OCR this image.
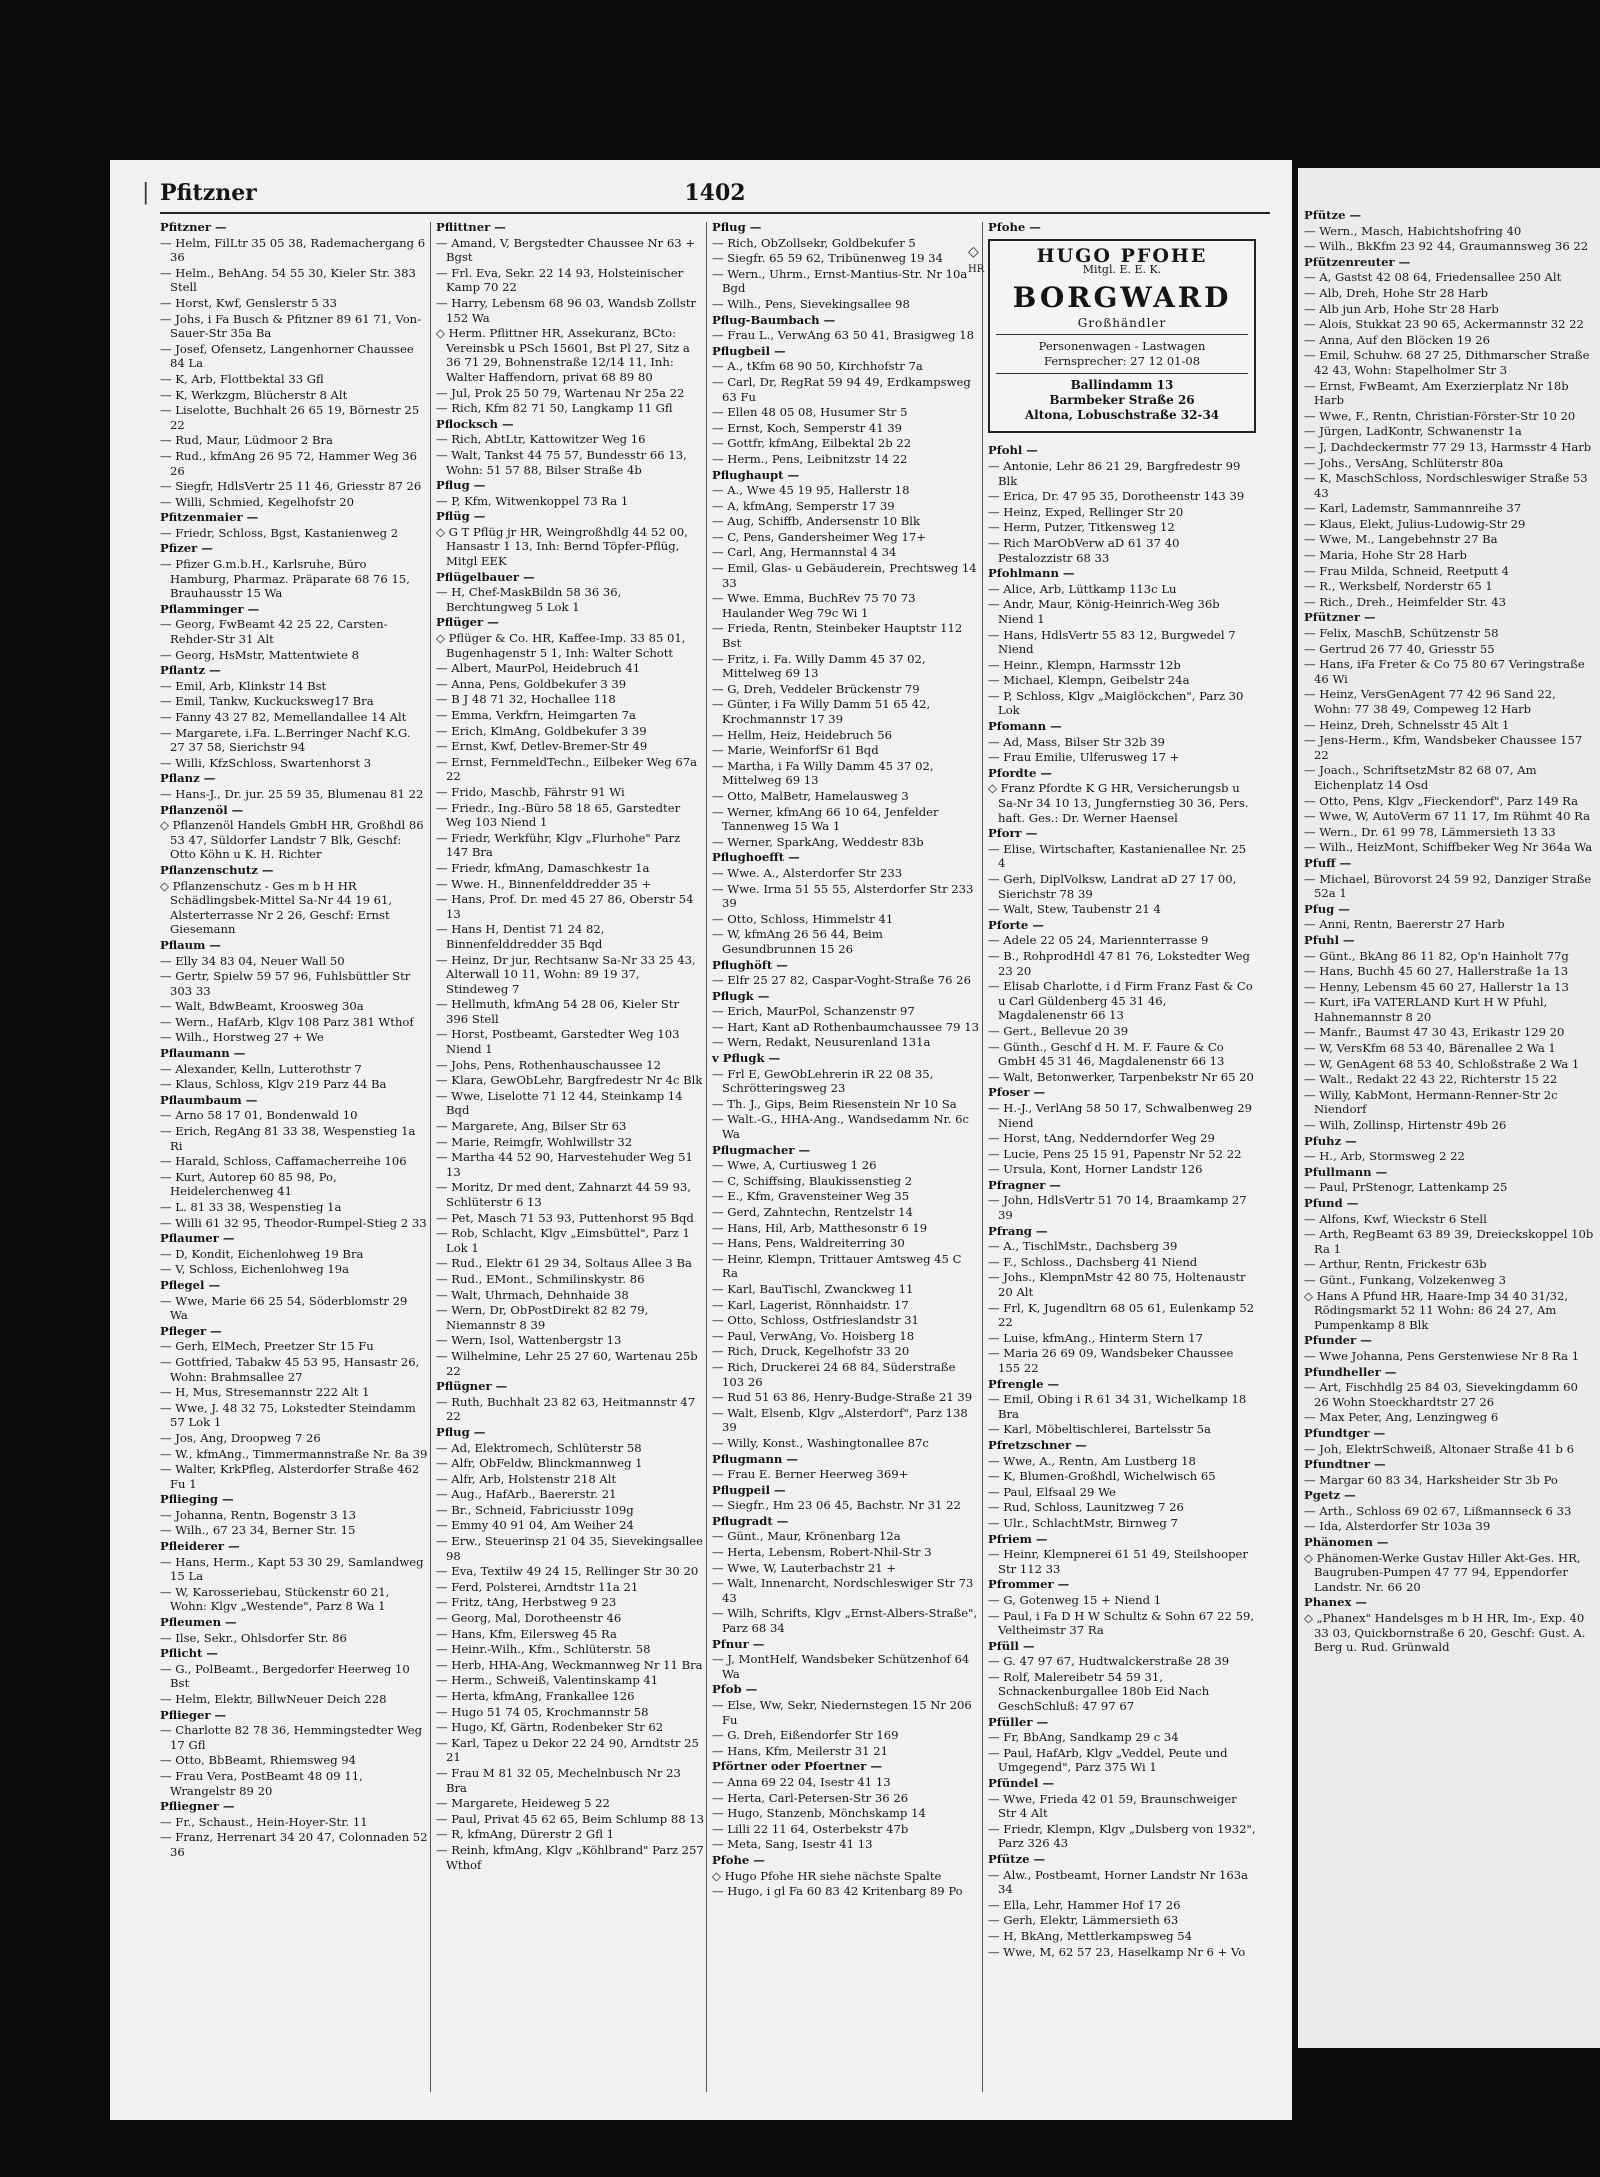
| Pfitzner	1402
Pfitzner —
— Helm, FilLtr 35 05 38, Rademachergang 6 36
— Helm., BehAng. 54 55 30, Kieler Str. 383 Stell
— Horst, Kwf, Genslerstr 5 33
— Johs, i Fa Busch & Pfitzner 89 61 71, Von-Sauer-Str 35a Ba
— Josef, Ofensetz, Langenhorner Chaussee 84 La
— K, Arb, Flottbektal 33 Gfl
— K, Werkzgm, Blücherstr 8 Alt
— Liselotte, Buchhalt 26 65 19, Börnestr 25 22
— Rud, Maur, Lüdmoor 2 Bra
— Rud., kfmAng 26 95 72, Hammer Weg 36 26
— Siegfr, HdlsVertr 25 11 46, Griesstr 87 26
— Willi, Schmied, Kegelhofstr 20
Pfitzenmaier —
— Friedr, Schloss, Bgst, Kastanienweg 2
Pfizer —
— Pfizer G.m.b.H., Karlsruhe, Büro Hamburg, Pharmaz. Präparate 68 76 15, Brauhausstr 15 Wa
Pflamminger —
— Georg, FwBeamt 42 25 22, Carsten-Rehder-Str 31 Alt
— Georg, HsMstr, Mattentwiete 8
Pflantz —
— Emil, Arb, Klinkstr 14 Bst
— Emil, Tankw, Kuckucksweg17 Bra
— Fanny 43 27 82, Memellandallee 14 Alt
— Margarete, i.Fa. L.Berringer Nachf K.G. 27 37 58, Sierichstr 94
— Willi, KfzSchloss, Swartenhorst 3
Pflanz —
— Hans-J., Dr. jur. 25 59 35, Blumenau 81 22
Pflanzenöl —
◇ Pflanzenöl Handels GmbH HR, Großhdl 86 53 47, Süldorfer Landstr 7 Blk, Geschf: Otto Köhn u K. H. Richter
Pflanzenschutz —
◇ Pflanzenschutz - Ges m b H HR Schädlingsbek-Mittel Sa-Nr 44 19 61, Alsterterrasse Nr 2 26, Geschf: Ernst Giesemann
Pflaum —
— Elly 34 83 04, Neuer Wall 50
— Gertr, Spielw 59 57 96, Fuhlsbüttler Str 303 33
— Walt, BdwBeamt, Kroosweg 30a
— Wern., HafArb, Klgv 108 Parz 381 Wthof
— Wilh., Horstweg 27 + We
Pflaumann —
— Alexander, Kelln, Lutterothstr 7
— Klaus, Schloss, Klgv 219 Parz 44 Ba
Pflaumbaum —
— Arno 58 17 01, Bondenwald 10
— Erich, RegAng 81 33 38, Wespenstieg 1a Ri
— Harald, Schloss, Caffamacherreihe 106
— Kurt, Autorep 60 85 98, Po, Heidelerchenweg 41
— L. 81 33 38, Wespenstieg 1a
— Willi 61 32 95, Theodor-Rumpel-Stieg 2 33
Pflaumer —
— D, Kondit, Eichenlohweg 19 Bra
— V, Schloss, Eichenlohweg 19a
Pflegel —
— Wwe, Marie 66 25 54, Söderblomstr 29 Wa
Pfleger —
— Gerh, ElMech, Preetzer Str 15 Fu
— Gottfried, Tabakw 45 53 95, Hansastr 26, Wohn: Brahmsallee 27
— H, Mus, Stresemannstr 222 Alt 1
— Wwe, J. 48 32 75, Lokstedter Steindamm 57 Lok 1
— Jos, Ang, Droopweg 7 26
— W., kfmAng., Timmermannstraße Nr. 8a 39
— Walter, KrkPfleg, Alsterdorfer Straße 462 Fu 1
Pflieging —
— Johanna, Rentn, Bogenstr 3 13
— Wilh., 67 23 34, Berner Str. 15
Pfleiderer —
— Hans, Herm., Kapt 53 30 29, Samlandweg 15 La
— W, Karosseriebau, Stückenstr 60 21, Wohn: Klgv „Westende", Parz 8 Wa 1
Pfleumen —
— Ilse, Sekr., Ohlsdorfer Str. 86
Pflicht —
— G., PolBeamt., Bergedorfer Heerweg 10 Bst
— Helm, Elektr, BillwNeuer Deich 228
Pflieger —
— Charlotte 82 78 36, Hemmingstedter Weg 17 Gfl
— Otto, BbBeamt, Rhiemsweg 94
— Frau Vera, PostBeamt 48 09 11, Wrangelstr 89 20
Pfliegner —
— Fr., Schaust., Hein-Hoyer-Str. 11
— Franz, Herrenart 34 20 47, Colonnaden 52 36
Pflittner —
— Amand, V, Bergstedter Chaussee Nr 63 + Bgst
— Frl. Eva, Sekr. 22 14 93, Holsteinischer Kamp 70 22
— Harry, Lebensm 68 96 03, Wandsb Zollstr 152 Wa
◇ Herm. Pflittner HR, Assekuranz, BCto: Vereinsbk u PSch 15601, Bst Pl 27, Sitz a 36 71 29, Bohnenstraße 12/14 11, Inh: Walter Haffendorn, privat 68 89 80
— Jul, Prok 25 50 79, Wartenau Nr 25a 22
— Rich, Kfm 82 71 50, Langkamp 11 Gfl
Pflocksch —
— Rich, AbtLtr, Kattowitzer Weg 16
— Walt, Tankst 44 75 57, Bundesstr 66 13, Wohn: 51 57 88, Bilser Straße 4b
Pflug —
— P, Kfm, Witwenkoppel 73 Ra 1
Pflüg —
◇ G T Pflüg jr HR, Weingroßhdlg 44 52 00, Hansastr 1 13, Inh: Bernd Töpfer-Pflüg, Mitgl EEK
Pflügelbauer —
— H, Chef-MaskBildn 58 36 36, Berchtungweg 5 Lok 1
Pflüger —
◇ Pflüger & Co. HR, Kaffee-Imp. 33 85 01, Bugenhagenstr 5 1, Inh: Walter Schott
— Albert, MaurPol, Heidebruch 41
— Anna, Pens, Goldbekufer 3 39
— B J 48 71 32, Hochallee 118
— Emma, Verkfrn, Heimgarten 7a
— Erich, KlmAng, Goldbekufer 3 39
— Ernst, Kwf, Detlev-Bremer-Str 49
— Ernst, FernmeldTechn., Eilbeker Weg 67a 22
— Frido, Maschb, Fährstr 91 Wi
— Friedr., Ing.-Büro 58 18 65, Garstedter Weg 103 Niend 1
— Friedr, Werkführ, Klgv „Flurhohe" Parz 147 Bra
— Friedr, kfmAng, Damaschkestr 1a
— Wwe. H., Binnenfelddredder 35 +
— Hans, Prof. Dr. med 45 27 86, Oberstr 54 13
— Hans H, Dentist 71 24 82, Binnenfelddredder 35 Bqd
— Heinz, Dr jur, Rechtsanw Sa-Nr 33 25 43, Alterwall 10 11, Wohn: 89 19 37, Stindeweg 7
— Hellmuth, kfmAng 54 28 06, Kieler Str 396 Stell
— Horst, Postbeamt, Garstedter Weg 103 Niend 1
— Johs, Pens, Rothenhauschaussee 12
— Klara, GewObLehr, Bargfredestr Nr 4c Blk
— Wwe, Liselotte 71 12 44, Steinkamp 14 Bqd
— Margarete, Ang, Bilser Str 63
— Marie, Reimgfr, Wohlwillstr 32
— Martha 44 52 90, Harvestehuder Weg 51 13
— Moritz, Dr med dent, Zahnarzt 44 59 93, Schlüterstr 6 13
— Pet, Masch 71 53 93, Puttenhorst 95 Bqd
— Rob, Schlacht, Klgv „Eimsbüttel", Parz 1 Lok 1
— Rud., Elektr 61 29 34, Soltaus Allee 3 Ba
— Rud., EMont., Schmilinskystr. 86
— Walt, Uhrmach, Dehnhaide 38
— Wern, Dr, ObPostDirekt 82 82 79, Niemannstr 8 39
— Wern, Isol, Wattenbergstr 13
— Wilhelmine, Lehr 25 27 60, Wartenau 25b 22
Pflügner —
— Ruth, Buchhalt 23 82 63, Heitmannstr 47 22
Pflug —
— Ad, Elektromech, Schlüterstr 58
— Alfr, ObFeldw, Blinckmannweg 1
— Alfr, Arb, Holstenstr 218 Alt
— Aug., HafArb., Baererstr. 21
— Br., Schneid, Fabriciusstr 109g
— Emmy 40 91 04, Am Weiher 24
— Erw., Steuerinsp 21 04 35, Sievekingsallee 98
— Eva, Textilw 49 24 15, Rellinger Str 30 20
— Ferd, Polsterei, Arndtstr 11a 21
— Fritz, tAng, Herbstweg 9 23
— Georg, Mal, Dorotheenstr 46
— Hans, Kfm, Eilersweg 45 Ra
— Heinr.-Wilh., Kfm., Schlüterstr. 58
— Herb, HHA-Ang, Weckmannweg Nr 11 Bra
— Herm., Schweiß, Valentinskamp 41
— Herta, kfmAng, Frankallee 126
— Hugo 51 74 05, Krochmannstr 58
— Hugo, Kf, Gärtn, Rodenbeker Str 62
— Karl, Tapez u Dekor 22 24 90, Arndtstr 25 21
— Frau M 81 32 05, Mechelnbusch Nr 23 Bra
— Margarete, Heideweg 5 22
— Paul, Privat 45 62 65, Beim Schlump 88 13
— R, kfmAng, Dürerstr 2 Gfl 1
— Reinh, kfmAng, Klgv „Köhlbrand" Parz 257 Wthof
Pflug —
— Rich, ObZollsekr, Goldbekufer 5
— Siegfr. 65 59 62, Tribünenweg 19 34
— Wern., Uhrm., Ernst-Mantius-Str. Nr 10a Bgd
— Wilh., Pens, Sievekingsallee 98
Pflug-Baumbach —
— Frau L., VerwAng 63 50 41, Brasigweg 18
Pflugbeil —
— A., tKfm 68 90 50, Kirchhofstr 7a
— Carl, Dr, RegRat 59 94 49, Erdkampsweg 63 Fu
— Ellen 48 05 08, Husumer Str 5
— Ernst, Koch, Semperstr 41 39
— Gottfr, kfmAng, Eilbektal 2b 22
— Herm., Pens, Leibnitzstr 14 22
Pflughaupt —
— A., Wwe 45 19 95, Hallerstr 18
— A, kfmAng, Semperstr 17 39
— Aug, Schiffb, Andersenstr 10 Blk
— C, Pens, Gandersheimer Weg 17+
— Carl, Ang, Hermannstal 4 34
— Emil, Glas- u Gebäuderein, Prechtsweg 14 33
— Wwe. Emma, BuchRev 75 70 73 Haulander Weg 79c Wi 1
— Frieda, Rentn, Steinbeker Hauptstr 112 Bst
— Fritz, i. Fa. Willy Damm 45 37 02, Mittelweg 69 13
— G, Dreh, Veddeler Brückenstr 79
— Günter, i Fa Willy Damm 51 65 42, Krochmannstr 17 39
— Hellm, Heiz, Heidebruch 56
— Marie, WeinforfSr 61 Bqd
— Martha, i Fa Willy Damm 45 37 02, Mittelweg 69 13
— Otto, MalBetr, Hamelausweg 3
— Werner, kfmAng 66 10 64, Jenfelder Tannenweg 15 Wa 1
— Werner, SparkAng, Weddestr 83b
Pflughoefft —
— Wwe. A., Alsterdorfer Str 233
— Wwe. Irma 51 55 55, Alsterdorfer Str 233 39
— Otto, Schloss, Himmelstr 41
— W, kfmAng 26 56 44, Beim Gesundbrunnen 15 26
Pflughöft —
— Elfr 25 27 82, Caspar-Voght-Straße 76 26
Pflugk —
— Erich, MaurPol, Schanzenstr 97
— Hart, Kant aD Rothenbaumchaussee 79 13
— Wern, Redakt, Neusurenland 131a
v Pflugk —
— Frl E, GewObLehrerin iR 22 08 35, Schrötteringsweg 23
— Th. J., Gips, Beim Riesenstein Nr 10 Sa
— Walt.-G., HHA-Ang., Wandsedamm Nr. 6c Wa
Pflugmacher —
— Wwe, A, Curtiusweg 1 26
— C, Schiffsing, Blaukissenstieg 2
— E., Kfm, Gravensteiner Weg 35
— Gerd, Zahntechn, Rentzelstr 14
— Hans, Hil, Arb, Matthesonstr 6 19
— Hans, Pens, Waldreiterring 30
— Heinr, Klempn, Trittauer Amtsweg 45 C Ra
— Karl, BauTischl, Zwanckweg 11
— Karl, Lagerist, Rönnhaidstr. 17
— Otto, Schloss, Ostfrieslandstr 31
— Paul, VerwAng, Vo. Hoisberg 18
— Rich, Druck, Kegelhofstr 33 20
— Rich, Druckerei 24 68 84, Süderstraße 103 26
— Rud 51 63 86, Henry-Budge-Straße 21 39
— Walt, Elsenb, Klgv „Alsterdorf", Parz 138 39
— Willy, Konst., Washingtonallee 87c
Pflugmann —
— Frau E. Berner Heerweg 369+
Pflugpeil —
— Siegfr., Hm 23 06 45, Bachstr. Nr 31 22
Pflugradt —
— Günt., Maur, Krönenbarg 12a
— Herta, Lebensm, Robert-Nhil-Str 3
— Wwe, W, Lauterbachstr 21 +
— Walt, Innenarcht, Nordschleswiger Str 73 43
— Wilh, Schrifts, Klgv „Ernst-Albers-Straße", Parz 68 34
Pfnur —
— J, MontHelf, Wandsbeker Schützenhof 64 Wa
Pfob —
— Else, Ww, Sekr, Niedernstegen 15 Nr 206 Fu
— G. Dreh, Eißendorfer Str 169
— Hans, Kfm, Meilerstr 31 21
Pförtner oder Pfoertner —
— Anna 69 22 04, Isestr 41 13
— Herta, Carl-Petersen-Str 36 26
— Hugo, Stanzenb, Mönchskamp 14
— Lilli 22 11 64, Osterbekstr 47b
— Meta, Sang, Isestr 41 13
Pfohe —
◇ Hugo Pfohe HR siehe nächste Spalte
— Hugo, i gl Fa 60 83 42 Kritenbarg 89 Po
Pfohe —
◇
HR
HUGO PFOHE
Mitgl. E. E. K.
BORGWARD
Großhändler
Personenwagen - Lastwagen
Fernsprecher: 27 12 01-08
Ballindamm 13
Barmbeker Straße 26
Altona, Lobuschstraße 32-34
Pfohl —
— Antonie, Lehr 86 21 29, Bargfredestr 99 Blk
— Erica, Dr. 47 95 35, Dorotheenstr 143 39
— Heinz, Exped, Rellinger Str 20
— Herm, Putzer, Titkensweg 12
— Rich MarObVerw aD 61 37 40 Pestalozzistr 68 33
Pfohlmann —
— Alice, Arb, Lüttkamp 113c Lu
— Andr, Maur, König-Heinrich-Weg 36b Niend 1
— Hans, HdlsVertr 55 83 12, Burgwedel 7 Niend
— Heinr., Klempn, Harmsstr 12b
— Michael, Klempn, Geibelstr 24a
— P, Schloss, Klgv „Maiglöckchen", Parz 30 Lok
Pfomann —
— Ad, Mass, Bilser Str 32b 39
— Frau Emilie, Ulferusweg 17 +
Pfordte —
◇ Franz Pfordte K G HR, Versicherungsb u Sa-Nr 34 10 13, Jungfernstieg 30 36, Pers. haft. Ges.: Dr. Werner Haensel
Pforr —
— Elise, Wirtschafter, Kastanienallee Nr. 25 4
— Gerh, DiplVolksw, Landrat aD 27 17 00, Sierichstr 78 39
— Walt, Stew, Taubenstr 21 4
Pforte —
— Adele 22 05 24, Mariennterrasse 9
— B., RohprodHdl 47 81 76, Lokstedter Weg 23 20
— Elisab Charlotte, i d Firm Franz Fast & Co u Carl Güldenberg 45 31 46, Magdalenenstr 66 13
— Gert., Bellevue 20 39
— Günth., Geschf d H. M. F. Faure & Co GmbH 45 31 46, Magdalenenstr 66 13
— Walt, Betonwerker, Tarpenbekstr Nr 65 20
Pfoser —
— H.-J., VerlAng 58 50 17, Schwalbenweg 29 Niend
— Horst, tAng, Nedderndorfer Weg 29
— Lucie, Pens 25 15 91, Papenstr Nr 52 22
— Ursula, Kont, Horner Landstr 126
Pfragner —
— John, HdlsVertr 51 70 14, Braamkamp 27 39
Pfrang —
— A., TischlMstr., Dachsberg 39
— F., Schloss., Dachsberg 41 Niend
— Johs., KlempnMstr 42 80 75, Holtenaustr 20 Alt
— Frl, K, Jugendltrn 68 05 61, Eulenkamp 52 22
— Luise, kfmAng., Hinterm Stern 17
— Maria 26 69 09, Wandsbeker Chaussee 155 22
Pfrengle —
— Emil, Obing i R 61 34 31, Wichelkamp 18 Bra
— Karl, Möbeltischlerei, Bartelsstr 5a
Pfretzschner —
— Wwe, A., Rentn, Am Lustberg 18
— K, Blumen-Großhdl, Wichelwisch 65
— Paul, Elfsaal 29 We
— Rud, Schloss, Launitzweg 7 26
— Ulr., SchlachtMstr, Birnweg 7
Pfriem —
— Heinr, Klempnerei 61 51 49, Steilshooper Str 112 33
Pfrommer —
— G, Gotenweg 15 + Niend 1
— Paul, i Fa D H W Schultz & Sohn 67 22 59, Veltheimstr 37 Ra
Pfüll —
— G. 47 97 67, Hudtwalckerstraße 28 39
— Rolf, Malereibetr 54 59 31, Schnackenburgallee 180b Eid Nach GeschSchluß: 47 97 67
Pfüller —
— Fr, BbAng, Sandkamp 29 c 34
— Paul, HafArb, Klgv „Veddel, Peute und Umgegend", Parz 375 Wi 1
Pfündel —
— Wwe, Frieda 42 01 59, Braunschweiger Str 4 Alt
— Friedr, Klempn, Klgv „Dulsberg von 1932", Parz 326 43
Pfütze —
— Alw., Postbeamt, Horner Landstr Nr 163a 34
— Ella, Lehr, Hammer Hof 17 26
— Gerh, Elektr, Lämmersieth 63
— H, BkAng, Mettlerkampsweg 54
— Wwe, M, 62 57 23, Haselkamp Nr 6 + Vo
Pfütze —
— Wern., Masch, Habichtshofring 40
— Wilh., BkKfm 23 92 44, Graumannsweg 36 22
Pfützenreuter —
— A, Gastst 42 08 64, Friedensallee 250 Alt
— Alb, Dreh, Hohe Str 28 Harb
— Alb jun Arb, Hohe Str 28 Harb
— Alois, Stukkat 23 90 65, Ackermannstr 32 22
— Anna, Auf den Blöcken 19 26
— Emil, Schuhw. 68 27 25, Dithmarscher Straße 42 43, Wohn: Stapelholmer Str 3
— Ernst, FwBeamt, Am Exerzierplatz Nr 18b Harb
— Wwe, F., Rentn, Christian-Förster-Str 10 20
— Jürgen, LadKontr, Schwanenstr 1a
— J, Dachdeckermstr 77 29 13, Harmsstr 4 Harb
— Johs., VersAng, Schlüterstr 80a
— K, MaschSchloss, Nordschleswiger Straße 53 43
— Karl, Lademstr, Sammannreihe 37
— Klaus, Elekt, Julius-Ludowig-Str 29
— Wwe, M., Langebehnstr 27 Ba
— Maria, Hohe Str 28 Harb
— Frau Milda, Schneid, Reetputt 4
— R., Werksbelf, Norderstr 65 1
— Rich., Dreh., Heimfelder Str. 43
Pfützner —
— Felix, MaschB, Schützenstr 58
— Gertrud 26 77 40, Griesstr 55
— Hans, iFa Freter & Co 75 80 67 Veringstraße 46 Wi
— Heinz, VersGenAgent 77 42 96 Sand 22, Wohn: 77 38 49, Compeweg 12 Harb
— Heinz, Dreh, Schnelsstr 45 Alt 1
— Jens-Herm., Kfm, Wandsbeker Chaussee 157 22
— Joach., SchriftsetzMstr 82 68 07, Am Eichenplatz 14 Osd
— Otto, Pens, Klgv „Fieckendorf", Parz 149 Ra
— Wwe, W, AutoVerm 67 11 17, Im Rühmt 40 Ra
— Wern., Dr. 61 99 78, Lämmersieth 13 33
— Wilh., HeizMont, Schiffbeker Weg Nr 364a Wa
Pfuff —
— Michael, Bürovorst 24 59 92, Danziger Straße 52a 1
Pfug —
— Anni, Rentn, Baererstr 27 Harb
Pfuhl —
— Günt., BkAng 86 11 82, Op'n Hainholt 77g
— Hans, Buchh 45 60 27, Hallerstraße 1a 13
— Henny, Lebensm 45 60 27, Hallerstr 1a 13
— Kurt, iFa VATERLAND Kurt H W Pfuhl, Hahnemannstr 8 20
— Manfr., Baumst 47 30 43, Erikastr 129 20
— W, VersKfm 68 53 40, Bärenallee 2 Wa 1
— W, GenAgent 68 53 40, Schloßstraße 2 Wa 1
— Walt., Redakt 22 43 22, Richterstr 15 22
— Willy, KabMont, Hermann-Renner-Str 2c Niendorf
— Wilh, Zollinsp, Hirtenstr 49b 26
Pfuhz —
— H., Arb, Stormsweg 2 22
Pfullmann —
— Paul, PrStenogr, Lattenkamp 25
Pfund —
— Alfons, Kwf, Wieckstr 6 Stell
— Arth, RegBeamt 63 89 39, Dreieckskoppel 10b Ra 1
— Arthur, Rentn, Frickestr 63b
— Günt., Funkang, Volzekenweg 3
◇ Hans A Pfund HR, Haare-Imp 34 40 31/32, Rödingsmarkt 52 11 Wohn: 86 24 27, Am Pumpenkamp 8 Blk
Pfunder —
— Wwe Johanna, Pens Gerstenwiese Nr 8 Ra 1
Pfundheller —
— Art, Fischhdlg 25 84 03, Sievekingdamm 60 26 Wohn Stoeckhardtstr 27 26
— Max Peter, Ang, Lenzingweg 6
Pfundtger —
— Joh, ElektrSchweiß, Altonaer Straße 41 b 6
Pfundtner —
— Margar 60 83 34, Harksheider Str 3b Po
Pgetz —
— Arth., Schloss 69 02 67, Lißmannseck 6 33
— Ida, Alsterdorfer Str 103a 39
Phänomen —
◇ Phänomen-Werke Gustav Hiller Akt-Ges. HR, Baugruben-Pumpen 47 77 94, Eppendorfer Landstr. Nr. 66 20
Phanex —
◇ „Phanex" Handelsges m b H HR, Im-, Exp. 40 33 03, Quickbornstraße 6 20, Geschf: Gust. A. Berg u. Rud. Grünwald
